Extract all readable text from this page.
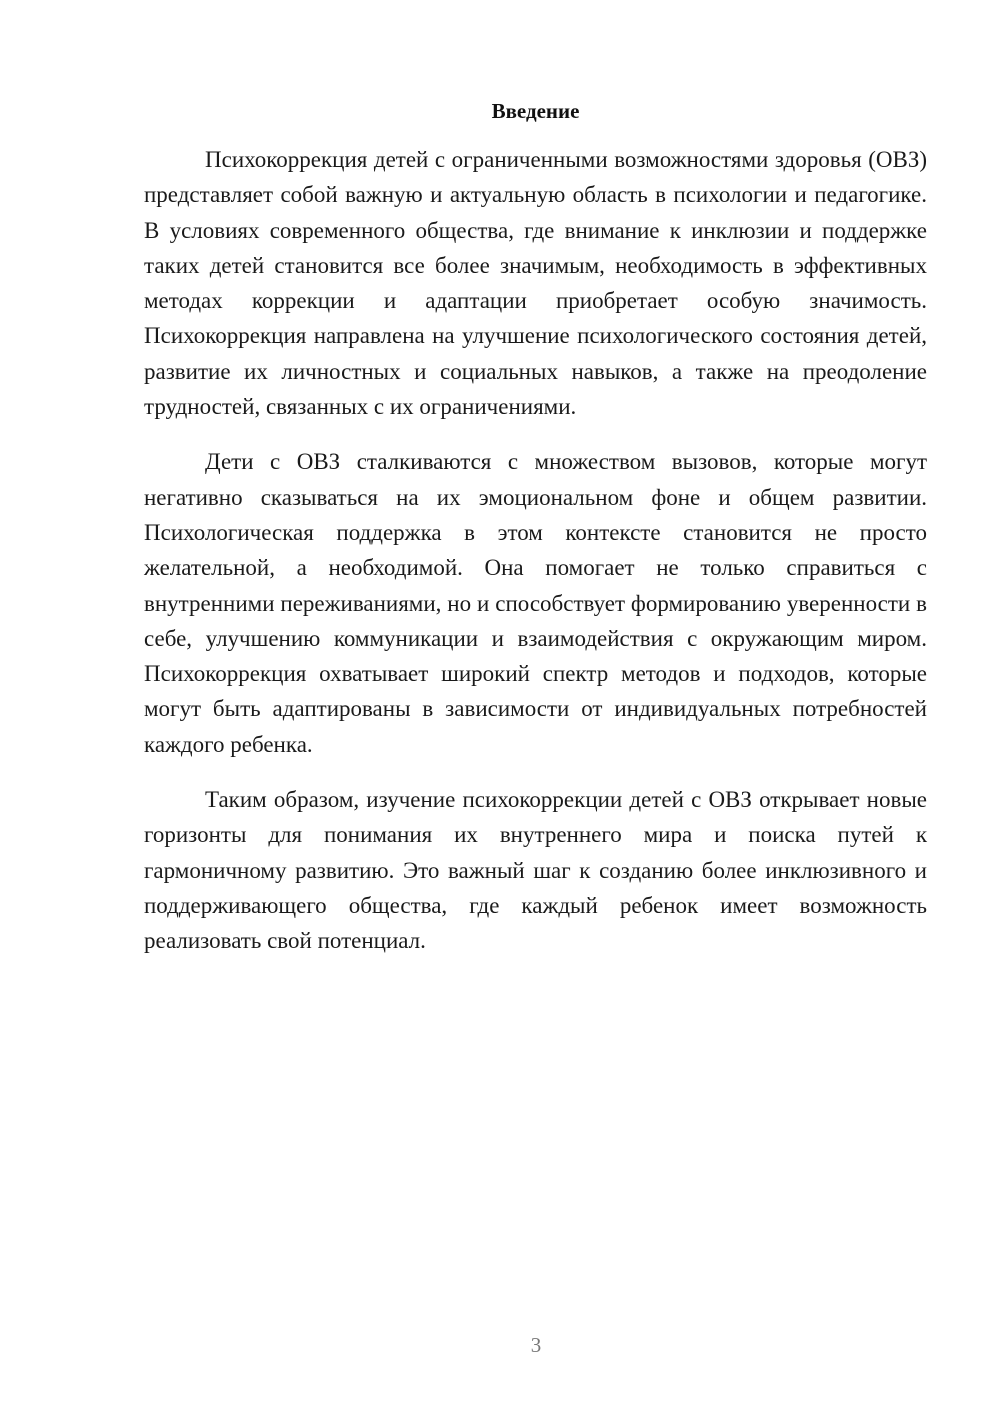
Введение

Психокоррекция детей с ограниченными возможностями здоровья (ОВЗ) представляет собой важную и актуальную область в психологии и педагогике. В условиях современного общества, где внимание к инклюзии и поддержке таких детей становится все более значимым, необходимость в эффективных методах коррекции и адаптации приобретает особую значимость. Психокоррекция направлена на улучшение психологического состояния детей, развитие их личностных и социальных навыков, а также на преодоление трудностей, связанных с их ограничениями.

Дети с ОВЗ сталкиваются с множеством вызовов, которые могут негативно сказываться на их эмоциональном фоне и общем развитии. Психологическая поддержка в этом контексте становится не просто желательной, а необходимой. Она помогает не только справиться с внутренними переживаниями, но и способствует формированию уверенности в себе, улучшению коммуникации и взаимодействия с окружающим миром. Психокоррекция охватывает широкий спектр методов и подходов, которые могут быть адаптированы в зависимости от индивидуальных потребностей каждого ребенка.

Таким образом, изучение психокоррекции детей с ОВЗ открывает новые горизонты для понимания их внутреннего мира и поиска путей к гармоничному развитию. Это важный шаг к созданию более инклюзивного и поддерживающего общества, где каждый ребенок имеет возможность реализовать свой потенциал.

3
